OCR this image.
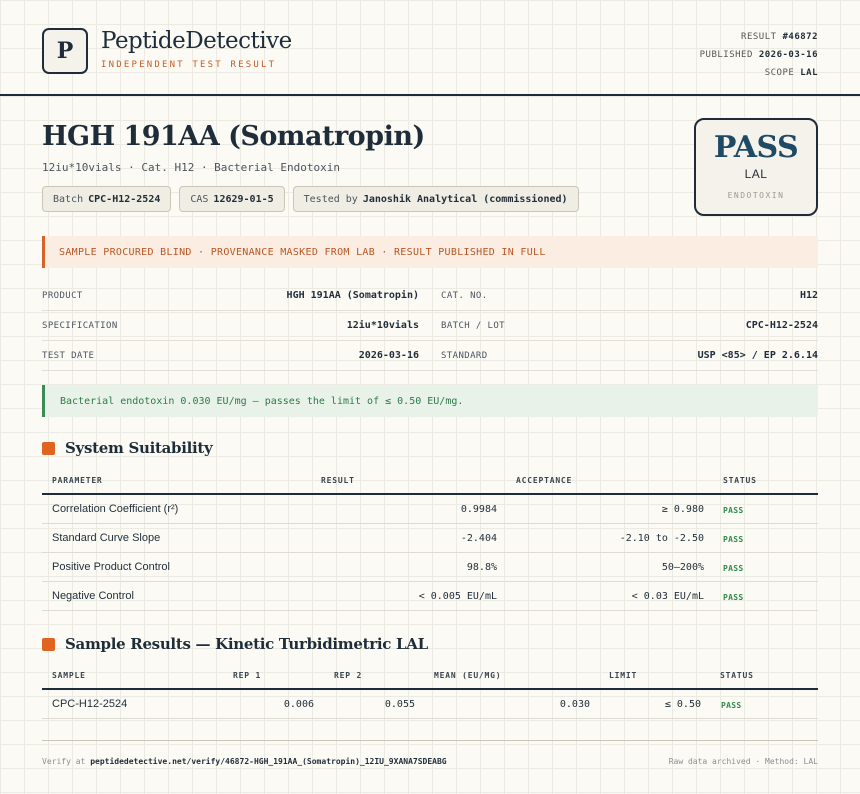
P	PeptideDetective
INDEPENDENT TEST RESULT
RESULT #46872
PUBLISHED 2026-03-16
SCOPE LAL
HGH 191AA (Somatropin)
12iu*10vials · Cat. H12 · Bacterial Endotoxin
Batch CPC-H12-2524	CAS 12629-01-5	Tested by Janoshik Analytical (commissioned)
PASS
LAL
ENDOTOXIN
SAMPLE PROCURED BLIND · PROVENANCE MASKED FROM LAB · RESULT PUBLISHED IN FULL
PRODUCT	HGH 191AA (Somatropin) CAT. NO.	H12
SPECIFICATION	12iu*10vials BATCH / LOT	CPC-H12-2524
TEST DATE	2026-03-16 STANDARD	USP <85> / EP 2.6.14
Bacterial endotoxin 0.030 EU/mg — passes the limit of ≤ 0.50 EU/mg.
System Suitability
PARAMETER	RESULT	ACCEPTANCE	STATUS
Correlation Coefficient (r²)	0.9984	≥ 0.980 PASS
Standard Curve Slope	-2.404	-2.10 to -2.50 PASS
Positive Product Control	98.8%	50–200% PASS
Negative Control	< 0.005 EU/mL	< 0.03 EU/mL PASS
Sample Results — Kinetic Turbidimetric LAL
SAMPLE	REP 1	REP 2	MEAN (EU/MG)	LIMIT	STATUS
CPC-H12-2524	0.006	0.055	0.030	≤ 0.50	PASS
Verify at peptidedetective.net/verify/46872-HGH_191AA_(Somatropin)_12IU_9XANA7SDEABG	Raw data archived · Method: LAL
